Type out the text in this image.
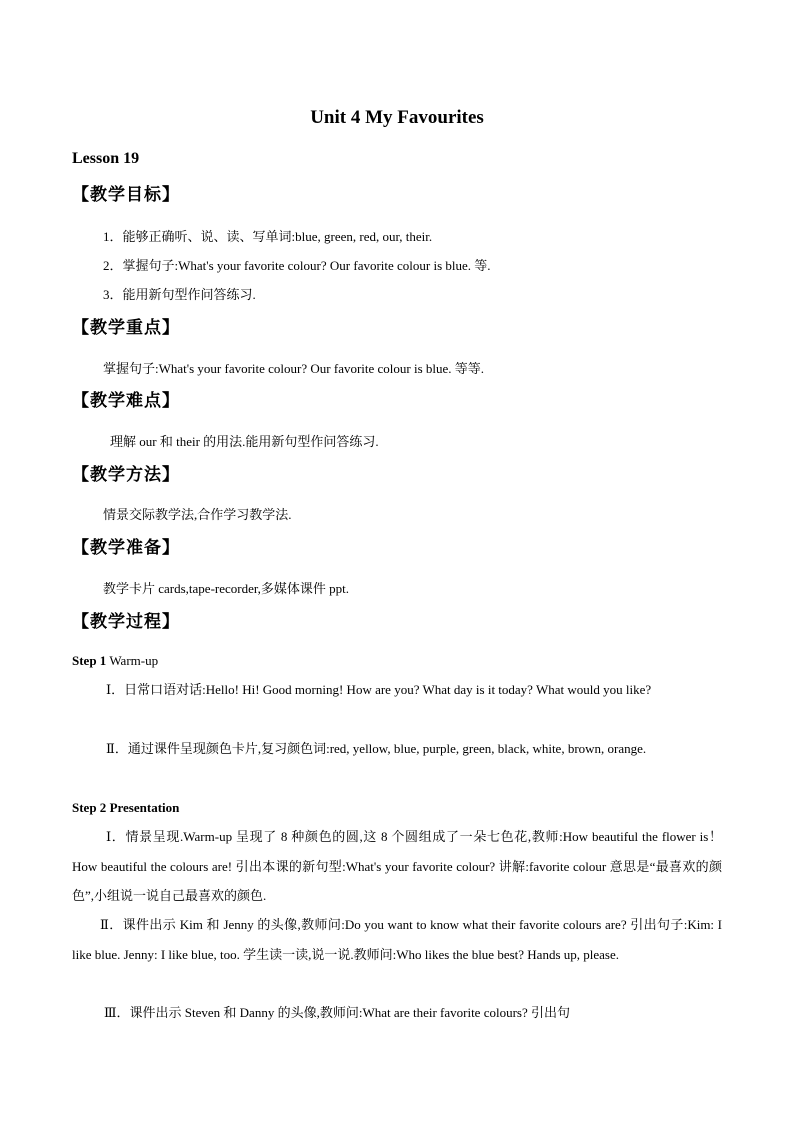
Unit 4 My Favourites
Lesson 19
【教学目标】
1．能够正确听、说、读、写单词:blue, green, red, our, their.
2．掌握句子:What's your favorite colour? Our favorite colour is blue. 等.
3．能用新句型作问答练习.
【教学重点】
掌握句子:What's your favorite colour? Our favorite colour is blue. 等等.
【教学难点】
理解 our 和 their 的用法.能用新句型作问答练习.
【教学方法】
情景交际教学法,合作学习教学法.
【教学准备】
教学卡片 cards,tape-recorder,多媒体课件 ppt.
【教学过程】
Step 1 Warm-up
Ⅰ．日常口语对话:Hello! Hi! Good morning! How are you? What day is it today? What would you like?
Ⅱ．通过课件呈现颜色卡片,复习颜色词:red, yellow, blue, purple, green, black, white, brown, orange.
Step 2 Presentation
Ⅰ．情景呈现.Warm-up 呈现了 8 种颜色的圆,这 8 个圆组成了一朵七色花,教师:How beautiful the flower is！ How beautiful the colours are! 引出本课的新句型:What's your favorite colour? 讲解:favorite colour 意思是“最喜欢的颜色”,小组说一说自己最喜欢的颜色.
Ⅱ．课件出示 Kim 和 Jenny 的头像,教师问:Do you want to know what their favorite colours are? 引出句子:Kim: I like blue. Jenny: I like blue, too. 学生读一读,说一说.教师问:Who likes the blue best? Hands up, please.
Ⅲ．课件出示 Steven 和 Danny 的头像,教师问:What are their favorite colours? 引出句
